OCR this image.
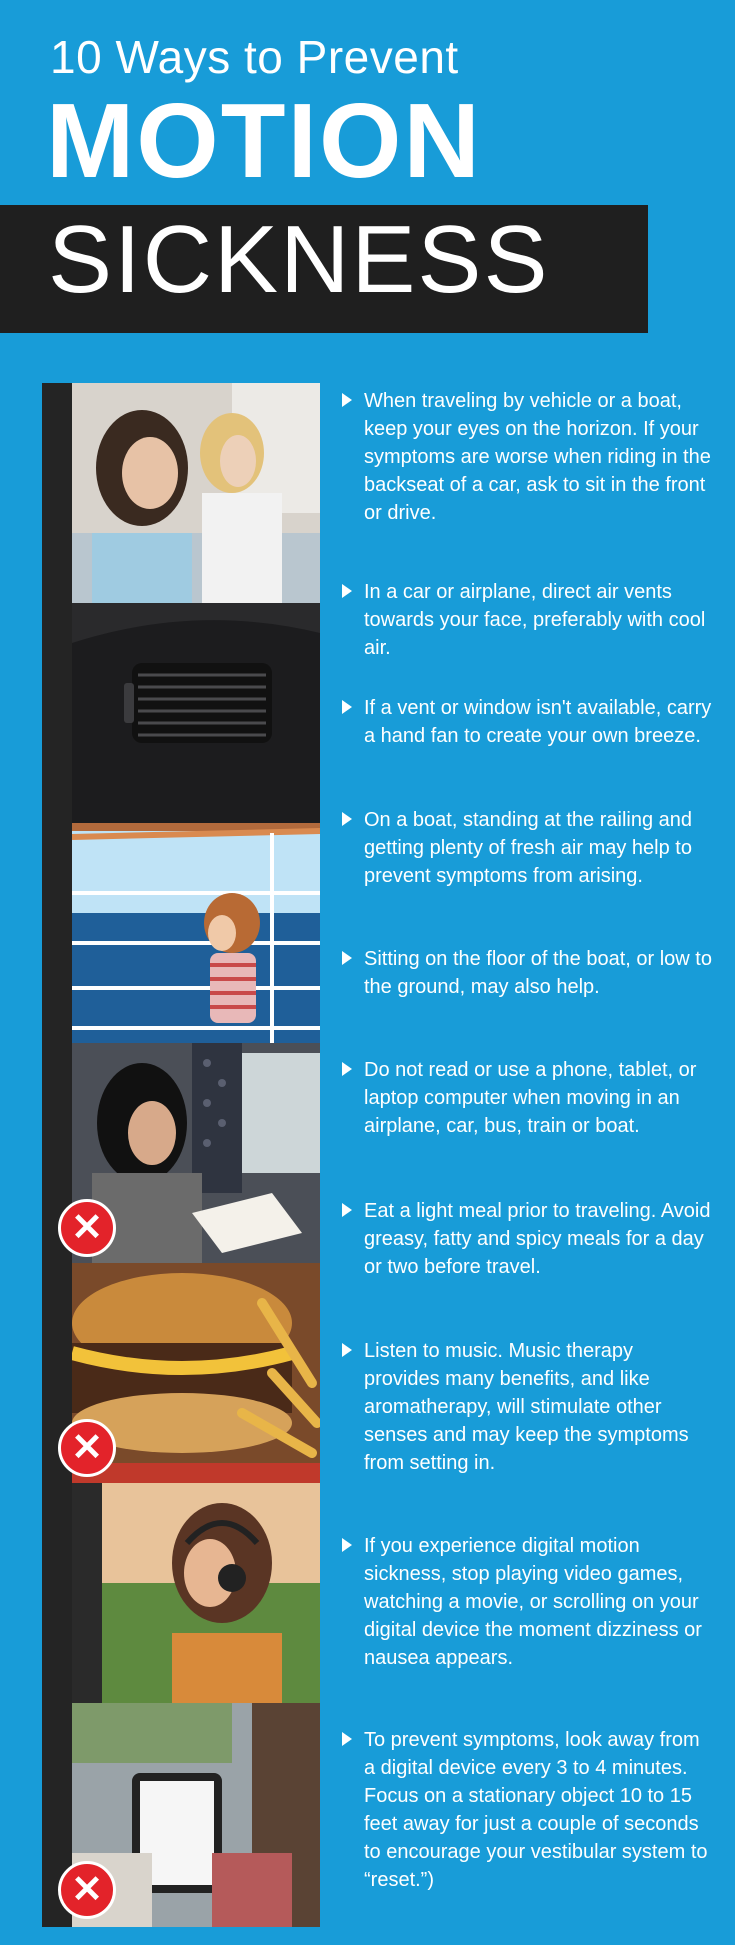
10 Ways to Prevent
MOTION
SICKNESS
✕
✕
✕
When traveling by vehicle or a boat, keep your eyes on the horizon. If your symptoms are worse when riding in the backseat of a car, ask to sit in the front or drive.
In a car or airplane, direct air vents towards your face, preferably with cool air.
If a vent or window isn't available, carry a hand fan to create your own breeze.
On a boat, standing at the railing and getting plenty of fresh air may help to prevent symptoms from arising.
Sitting on the floor of the boat, or low to the ground, may also help.
Do not read or use a phone, tablet, or laptop computer when moving in an airplane, car, bus, train or boat.
Eat a light meal prior to traveling. Avoid greasy, fatty and spicy meals for a day or two before travel.
Listen to music. Music therapy provides many benefits, and like aromatherapy, will stimulate other senses and may keep the symptoms from setting in.
If you experience digital motion sickness, stop playing video games, watching a movie, or scrolling on your digital device the moment dizziness or nausea appears.
To prevent symptoms, look away from a digital device every 3 to 4 minutes. Focus on a stationary object 10 to 15 feet away for just a couple of seconds to encourage your vestibular system to “reset.”)
